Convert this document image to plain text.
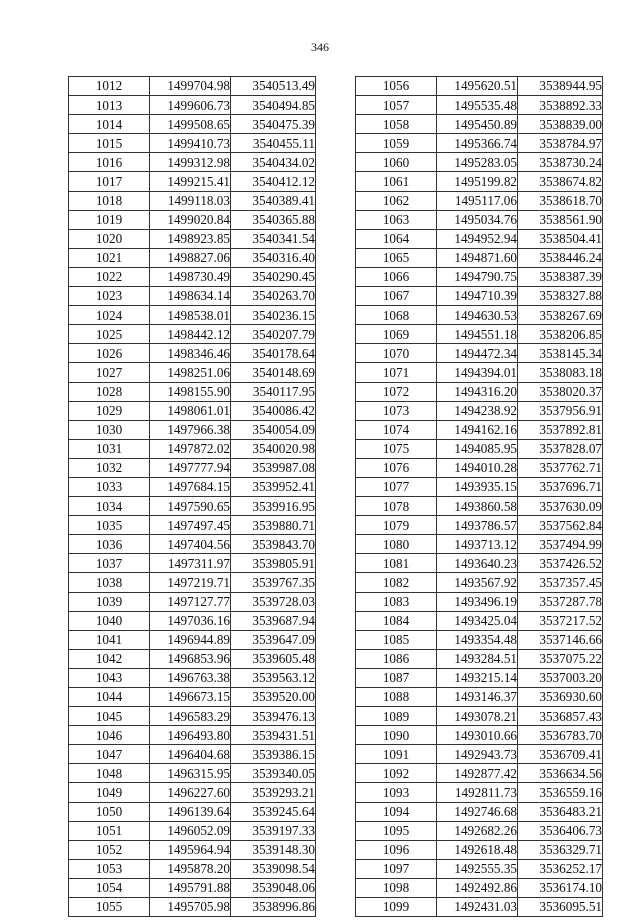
346
1012	1499704.98	3540513.49
1013	1499606.73	3540494.85
1014	1499508.65	3540475.39
1015	1499410.73	3540455.11
1016	1499312.98	3540434.02
1017	1499215.41	3540412.12
1018	1499118.03	3540389.41
1019	1499020.84	3540365.88
1020	1498923.85	3540341.54
1021	1498827.06	3540316.40
1022	1498730.49	3540290.45
1023	1498634.14	3540263.70
1024	1498538.01	3540236.15
1025	1498442.12	3540207.79
1026	1498346.46	3540178.64
1027	1498251.06	3540148.69
1028	1498155.90	3540117.95
1029	1498061.01	3540086.42
1030	1497966.38	3540054.09
1031	1497872.02	3540020.98
1032	1497777.94	3539987.08
1033	1497684.15	3539952.41
1034	1497590.65	3539916.95
1035	1497497.45	3539880.71
1036	1497404.56	3539843.70
1037	1497311.97	3539805.91
1038	1497219.71	3539767.35
1039	1497127.77	3539728.03
1040	1497036.16	3539687.94
1041	1496944.89	3539647.09
1042	1496853.96	3539605.48
1043	1496763.38	3539563.12
1044	1496673.15	3539520.00
1045	1496583.29	3539476.13
1046	1496493.80	3539431.51
1047	1496404.68	3539386.15
1048	1496315.95	3539340.05
1049	1496227.60	3539293.21
1050	1496139.64	3539245.64
1051	1496052.09	3539197.33
1052	1495964.94	3539148.30
1053	1495878.20	3539098.54
1054	1495791.88	3539048.06
1055	1495705.98	3538996.86
1056	1495620.51	3538944.95
1057	1495535.48	3538892.33
1058	1495450.89	3538839.00
1059	1495366.74	3538784.97
1060	1495283.05	3538730.24
1061	1495199.82	3538674.82
1062	1495117.06	3538618.70
1063	1495034.76	3538561.90
1064	1494952.94	3538504.41
1065	1494871.60	3538446.24
1066	1494790.75	3538387.39
1067	1494710.39	3538327.88
1068	1494630.53	3538267.69
1069	1494551.18	3538206.85
1070	1494472.34	3538145.34
1071	1494394.01	3538083.18
1072	1494316.20	3538020.37
1073	1494238.92	3537956.91
1074	1494162.16	3537892.81
1075	1494085.95	3537828.07
1076	1494010.28	3537762.71
1077	1493935.15	3537696.71
1078	1493860.58	3537630.09
1079	1493786.57	3537562.84
1080	1493713.12	3537494.99
1081	1493640.23	3537426.52
1082	1493567.92	3537357.45
1083	1493496.19	3537287.78
1084	1493425.04	3537217.52
1085	1493354.48	3537146.66
1086	1493284.51	3537075.22
1087	1493215.14	3537003.20
1088	1493146.37	3536930.60
1089	1493078.21	3536857.43
1090	1493010.66	3536783.70
1091	1492943.73	3536709.41
1092	1492877.42	3536634.56
1093	1492811.73	3536559.16
1094	1492746.68	3536483.21
1095	1492682.26	3536406.73
1096	1492618.48	3536329.71
1097	1492555.35	3536252.17
1098	1492492.86	3536174.10
1099	1492431.03	3536095.51
